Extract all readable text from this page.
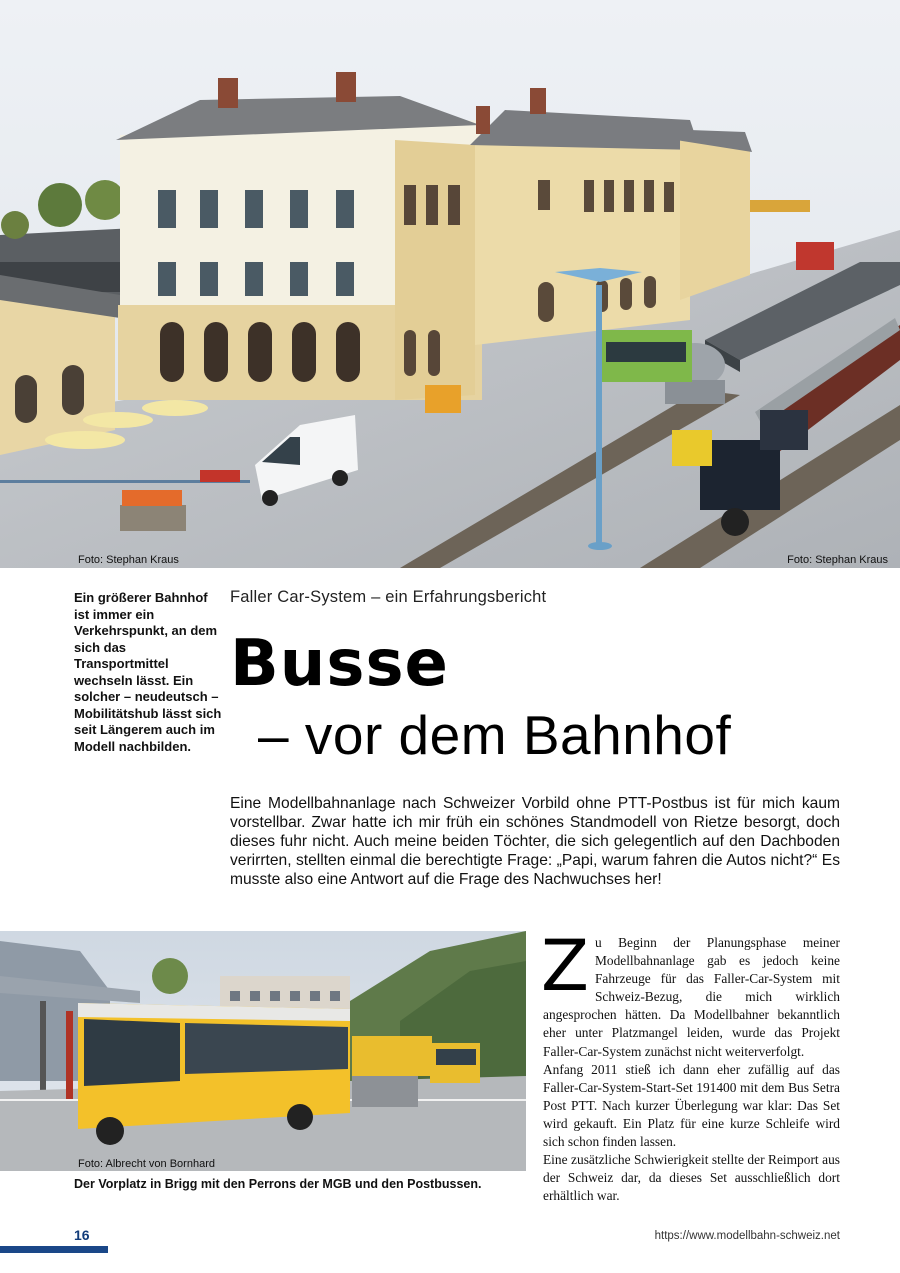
Foto: Stephan Kraus	Foto: Stephan Kraus
Ein größerer Bahnhof ist immer ein Verkehrspunkt, an dem sich das Transportmittel wechseln lässt. Ein solcher – neudeutsch – Mobilitätshub lässt sich seit Längerem auch im Modell nachbilden.
Faller Car-System – ein Erfahrungsbericht
Busse
– vor dem Bahnhof

Eine Modellbahnanlage nach Schweizer Vorbild ohne PTT-Postbus ist für mich kaum vorstellbar. Zwar hatte ich mir früh ein schönes Standmodell von Rietze besorgt, doch dieses fuhr nicht. Auch meine beiden Töchter, die sich gelegentlich auf den Dachboden verirrten, stellten einmal die berechtigte Frage: „Papi, warum fahren die Autos nicht?“ Es musste also eine Antwort auf die Frage des Nachwuchses her!

Foto: Albrecht von Bornhard
Der Vorplatz in Brigg mit den Perrons der MGB und den Postbussen.
Z u Beginn der Planungsphase meiner Modellbahnanlage gab es jedoch keine Fahrzeuge für das Faller-Car-System mit Schweiz-Bezug, die mich wirklich angesprochen hätten. Da Modellbahner bekanntlich eher unter Platzmangel leiden, wurde das Projekt Faller-Car-System zunächst nicht weiterverfolgt.

Anfang 2011 stieß ich dann eher zufällig auf das Faller-Car-System-Start-Set 191400 mit dem Bus Setra Post PTT. Nach kurzer Überlegung war klar: Das Set wird gekauft. Ein Platz für eine kurze Schleife wird sich schon finden lassen.

Eine zusätzliche Schwierigkeit stellte der Reimport aus der Schweiz dar, da dieses Set ausschließlich dort erhältlich war.

16	https://www.modellbahn-schweiz.net
